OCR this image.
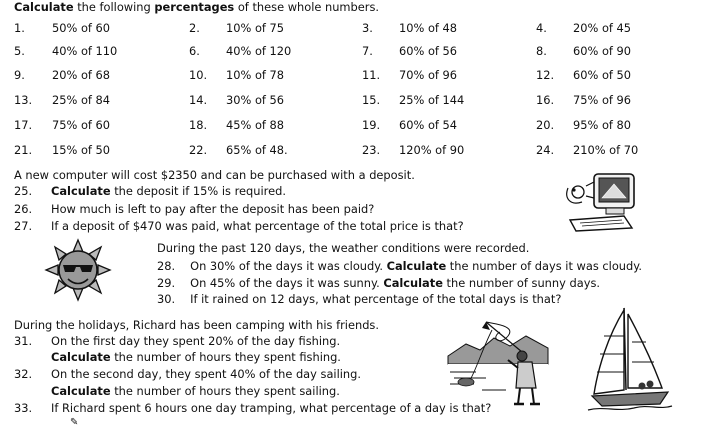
Calculate the following percentages of these whole numbers.
1. 50% of 60	2. 10% of 75	3. 10% of 48	4. 20% of 45
5. 40% of 110	6. 40% of 120	7. 60% of 56	8. 60% of 90
9. 20% of 68	10. 10% of 78	11. 70% of 96	12. 60% of 50
13. 25% of 84	14. 30% of 56	15. 25% of 144	16. 75% of 96
17. 75% of 60	18. 45% of 88	19. 60% of 54	20. 95% of 80
21. 15% of 50	22. 65% of 48.	23. 120% of 90	24. 210% of 70
A new computer will cost $2350 and can be purchased with a deposit.
25. Calculate the deposit if 15% is required.
26. How much is left to pay after the deposit has been paid?
27. If a deposit of $470 was paid, what percentage of the total price is that?
During the past 120 days, the weather conditions were recorded.
28. On 30% of the days it was cloudy. Calculate the number of days it was cloudy.
29. On 45% of the days it was sunny. Calculate the number of sunny days.
30. If it rained on 12 days, what percentage of the total days is that?
During the holidays, Richard has been camping with his friends.
31. On the first day they spent 20% of the day fishing.
Calculate the number of hours they spent fishing.
32. On the second day, they spent 40% of the day sailing.
Calculate the number of hours they spent sailing.
33. If Richard spent 6 hours one day tramping, what percentage of a day is that?
✎
